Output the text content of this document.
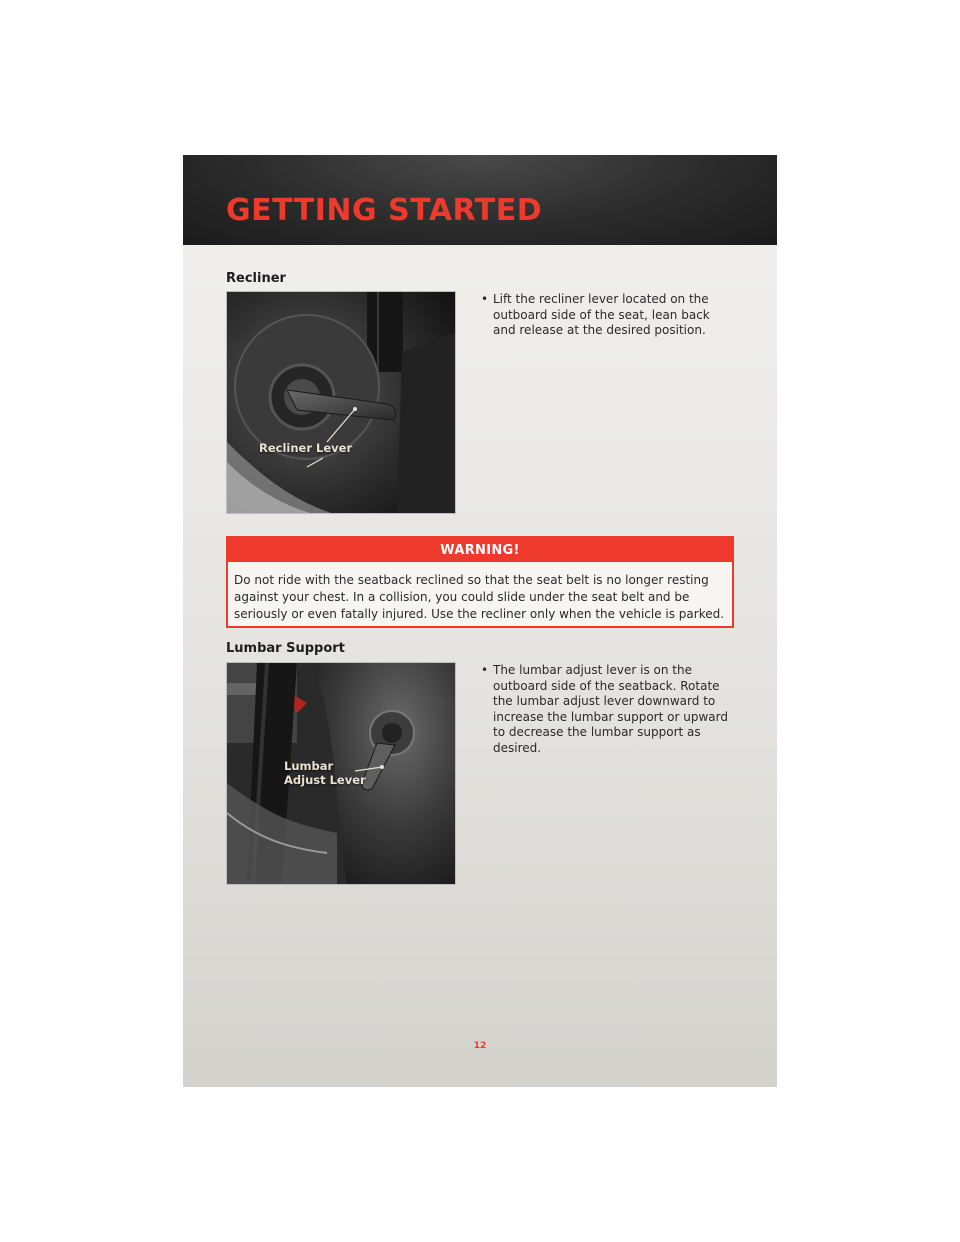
GETTING STARTED
Recliner
Recliner Lever
• Lift the recliner lever located on the outboard side of the seat, lean back and release at the desired position.
WARNING!
Do not ride with the seatback reclined so that the seat belt is no longer resting against your chest. In a collision, you could slide under the seat belt and be seriously or even fatally injured. Use the recliner only when the vehicle is parked.
Lumbar Support
Lumbar
Adjust Lever
• The lumbar adjust lever is on the outboard side of the seatback. Rotate the lumbar adjust lever downward to increase the lumbar support or upward to decrease the lumbar support as desired.
12
